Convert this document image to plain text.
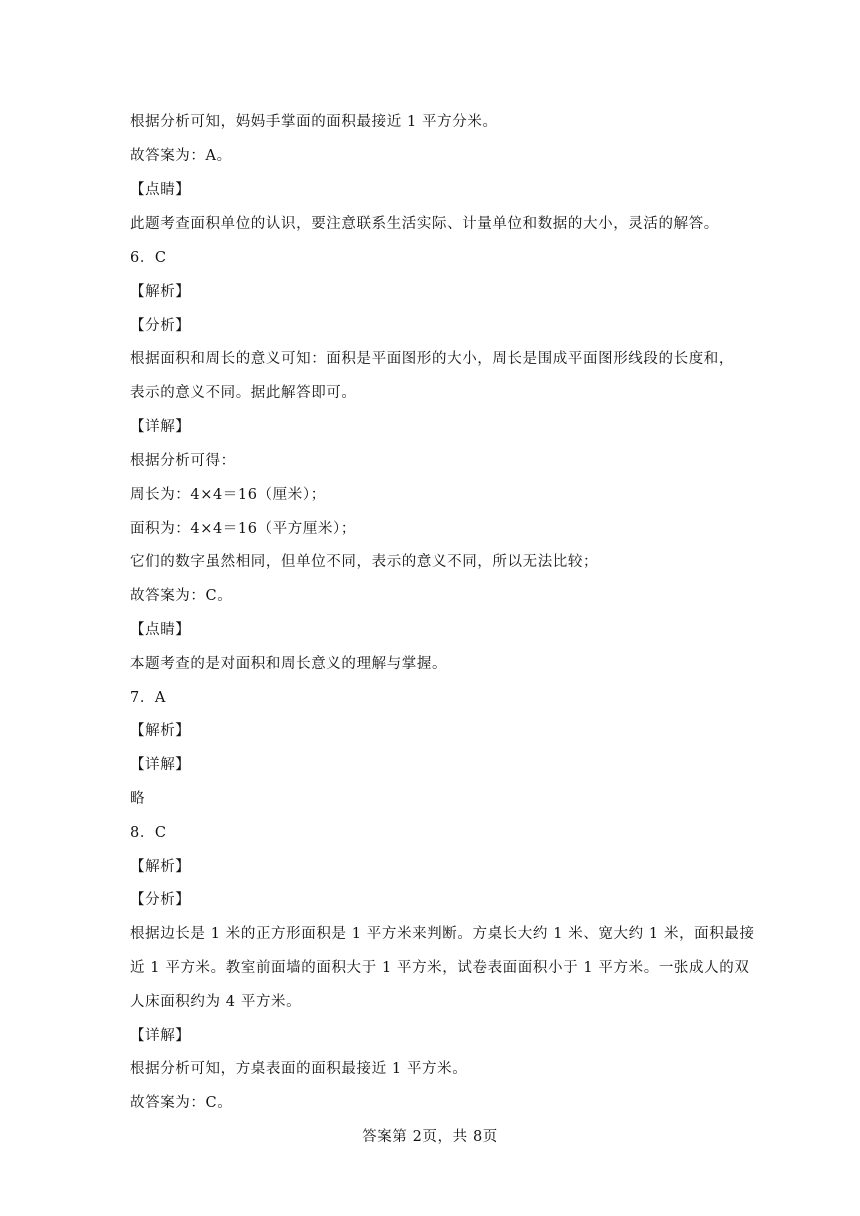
根据分析可知，妈妈手掌面的面积最接近 1 平方分米。
故答案为：A。
【点睛】
此题考查面积单位的认识，要注意联系生活实际、计量单位和数据的大小，灵活的解答。
6．C
【解析】
【分析】
根据面积和周长的意义可知：面积是平面图形的大小，周长是围成平面图形线段的长度和，
表示的意义不同。据此解答即可。
【详解】
根据分析可得：
周长为：4×4＝16（厘米）；
面积为：4×4＝16（平方厘米）；
它们的数字虽然相同，但单位不同，表示的意义不同，所以无法比较；
故答案为：C。
【点睛】
本题考查的是对面积和周长意义的理解与掌握。
7．A
【解析】
【详解】
略
8．C
【解析】
【分析】
根据边长是 1 米的正方形面积是 1 平方米来判断。方桌长大约 1 米、宽大约 1 米，面积最接
近 1 平方米。教室前面墙的面积大于 1 平方米，试卷表面面积小于 1 平方米。一张成人的双
人床面积约为 4 平方米。
【详解】
根据分析可知，方桌表面的面积最接近 1 平方米。
故答案为：C。
答案第 2页，共 8页
